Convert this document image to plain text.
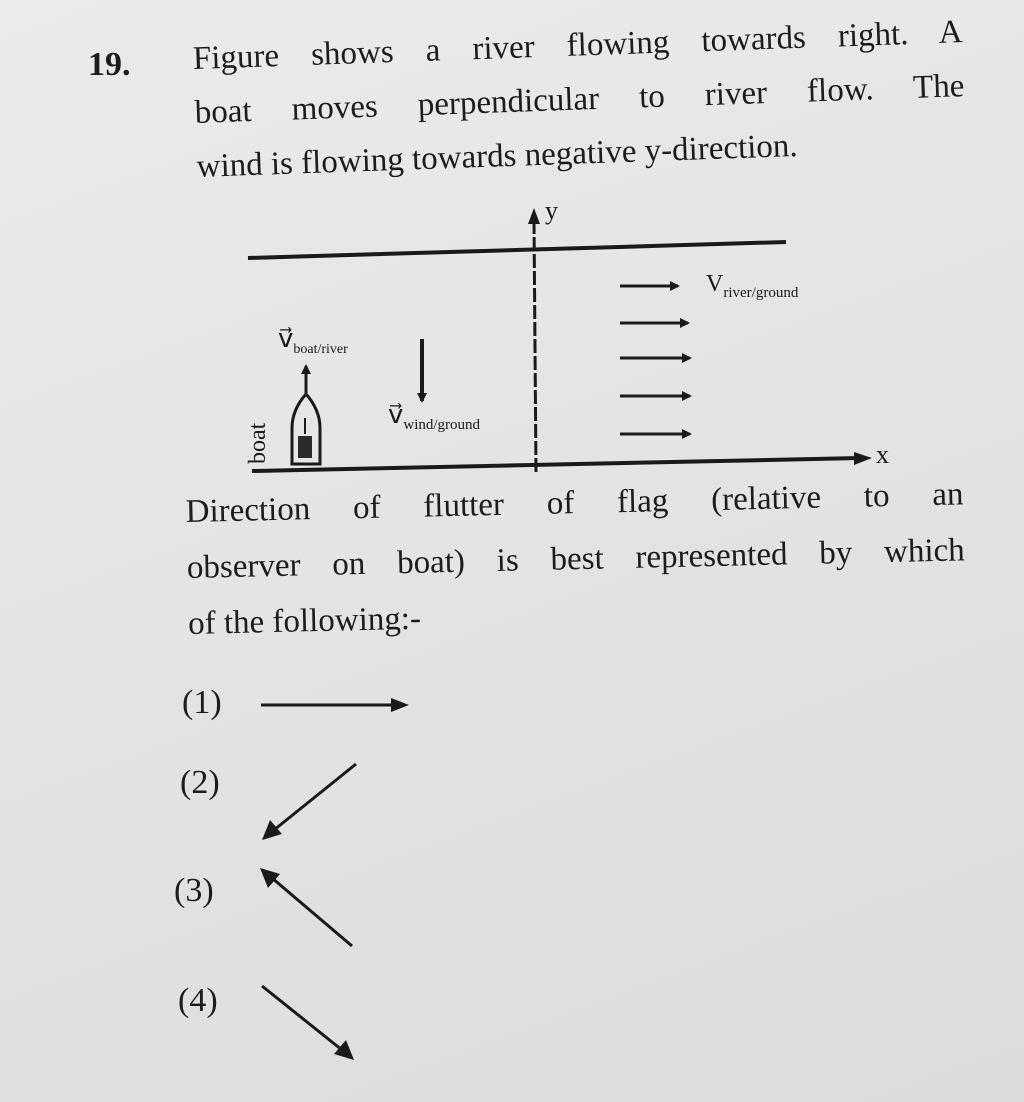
19. Figure shows a river flowing towards right. A
boat moves perpendicular to river flow. The
wind is flowing towards negative y-direction.
y
x
boat
v⃗boat/river
v⃗wind/ground
Vriver/ground
Direction of flutter of flag (relative to an
observer on boat) is best represented by which
of the following:-
(1)
(2)
(3)
(4)
